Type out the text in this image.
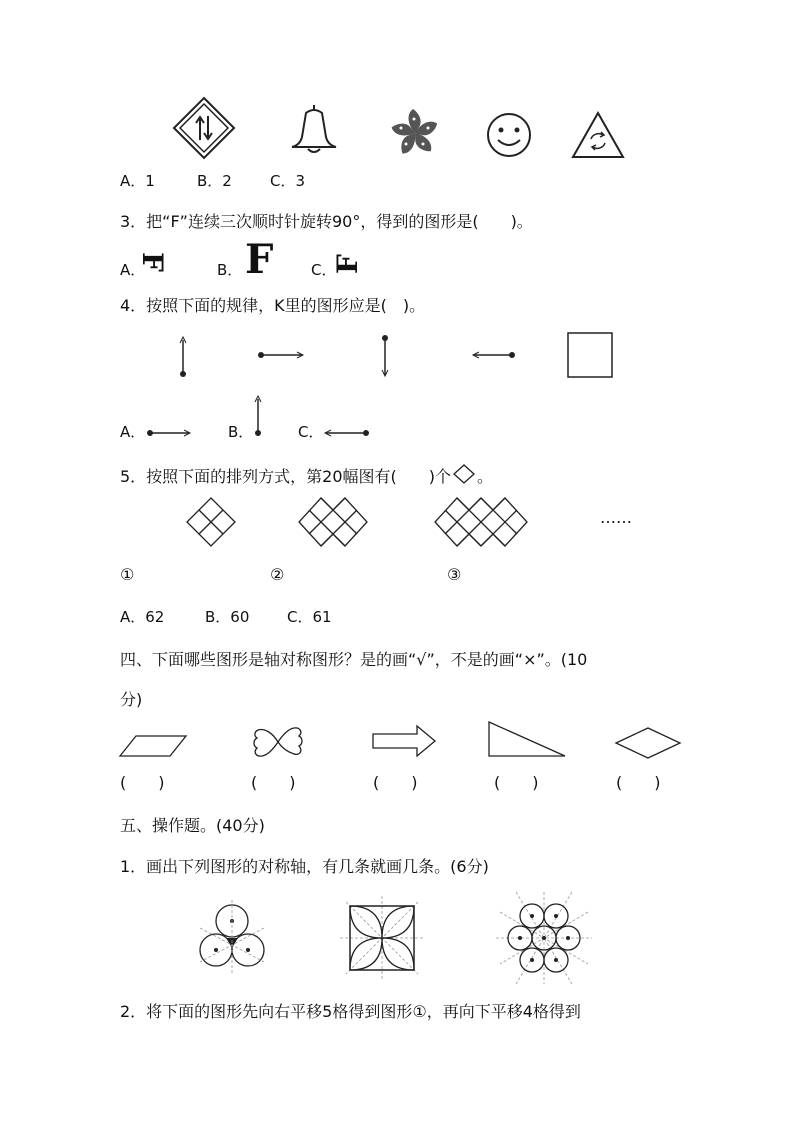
A．1	B．2	C．3
3．把“F”连续三次顺时针旋转90°，得到的图形是(　　)。
A．
F	B． F	C．
F
4．按照下面的规律，K里的图形应是(　)。
A．	B．	C．
5．按照下面的排列方式，第20幅图有(　　)个 。
……
①	②	③
A．62	B．60	C．61
四、下面哪些图形是轴对称图形？是的画“√”，不是的画“×”。(10
分)
(　　)	(　　)	(　　)	(　　)	(　　)
五、操作题。(40分)
1．画出下列图形的对称轴，有几条就画几条。(6分)
2．将下面的图形先向右平移5格得到图形①，再向下平移4格得到
